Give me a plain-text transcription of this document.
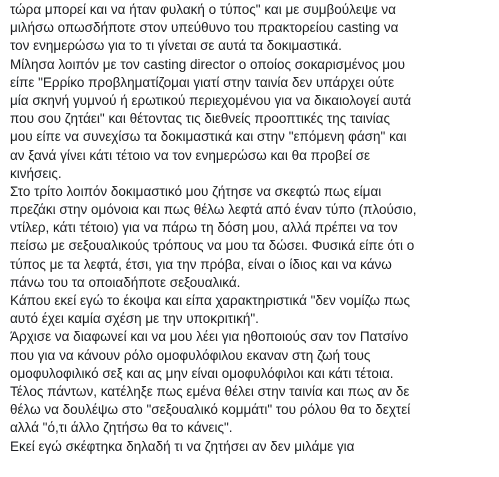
τώρα μπορεί και να ήταν φυλακή ο τύπος" και με συμβούλεψε να
μιλήσω οπωσδήποτε στον υπεύθυνο του πρακτορείου casting να
τον ενημερώσω για το τι γίνεται σε αυτά τα δοκιμαστικά.
Μίλησα λοιπόν με τον casting director ο οποίος σοκαρισμένος μου
είπε "Ερρίκο προβληματίζομαι γιατί στην ταινία δεν υπάρχει ούτε
μία σκηνή γυμνού ή ερωτικού περιεχομένου για να δικαιολογεί αυτά
που σου ζητάει" και θέτοντας τις διεθνείς προοπτικές της ταινίας
μου είπε να συνεχίσω τα δοκιμαστικά και στην "επόμενη φάση" και
αν ξανά γίνει κάτι τέτοιο να τον ενημερώσω και θα προβεί σε
κινήσεις.
Στο τρίτο λοιπόν δοκιμαστικό μου ζήτησε να σκεφτώ πως είμαι
πρεζάκι στην ομόνοια και πως θέλω λεφτά από έναν τύπο (πλούσιο,
ντίλερ, κάτι τέτοιο) για να πάρω τη δόση μου, αλλά πρέπει να τον
πείσω με σεξουαλικούς τρόπους να μου τα δώσει. Φυσικά είπε ότι ο
τύπος με τα λεφτά, έτσι, για την πρόβα, είναι ο ίδιος και να κάνω
πάνω του τα οποιαδήποτε σεξουαλικά.
Κάπου εκεί εγώ το έκοψα και είπα χαρακτηριστικά "δεν νομίζω πως
αυτό έχει καμία σχέση με την υποκριτική".
Άρχισε να διαφωνεί και να μου λέει για ηθοποιούς σαν τον Πατσίνο
που για να κάνουν ρόλο ομοφυλόφιλου εκαναν στη ζωή τους
ομοφυλοφιλικό σεξ και ας μην είναι ομοφυλόφιλοι και κάτι τέτοια.
Τέλος πάντων, κατέληξε πως εμένα θέλει στην ταινία και πως αν δε
θέλω να δουλέψω στο "σεξουαλικό κομμάτι" του ρόλου θα το δεχτεί
αλλά "ό,τι άλλο ζητήσω θα το κάνεις".
Εκεί εγώ σκέφτηκα δηλαδή τι να ζητήσει αν δεν μιλάμε για
